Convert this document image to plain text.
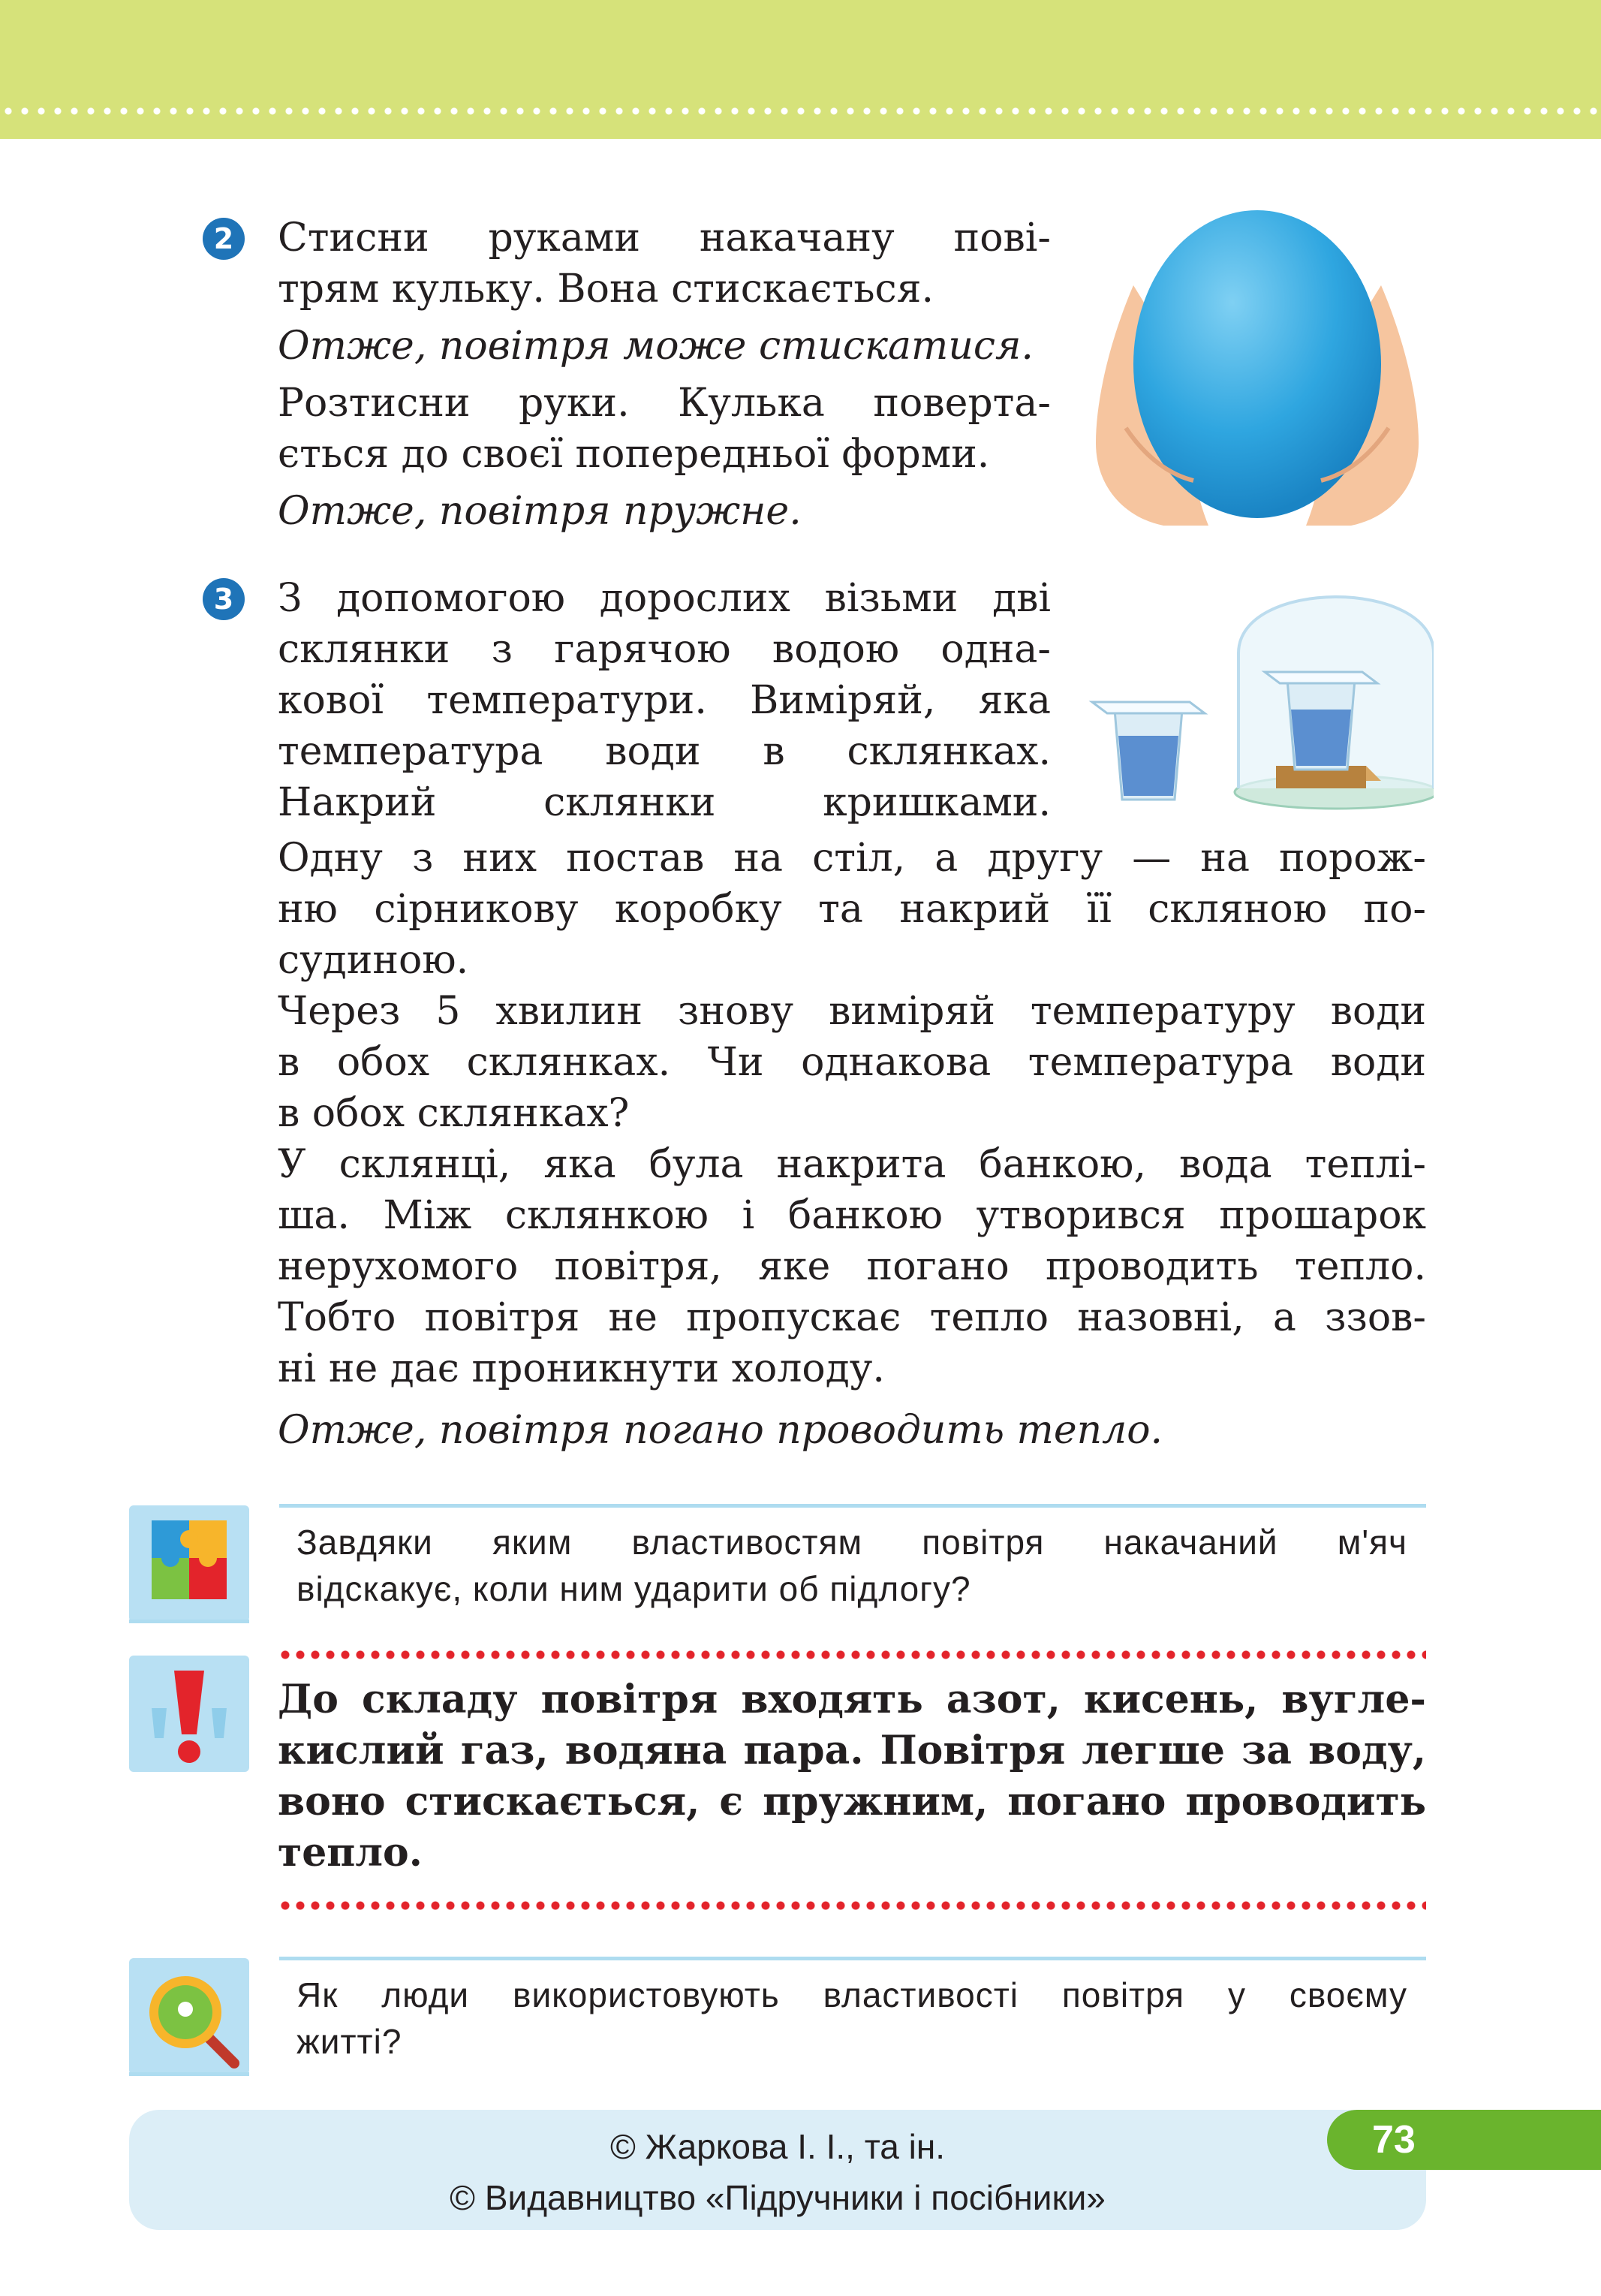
2 Стисни руками накачану пові-

трям кульку. Вона стискається.

Отже, повітря може стискатися.

Розтисни руки. Кулька поверта-

ється до своєї попередньої форми.

Отже, повітря пружне.

3 З допомогою дорослих візьми дві

склянки з гарячою водою однa-

кової температури. Виміряй, яка

температура води в склянках.

Накрий склянки кришками.

Одну з них постав на стіл, а другу — на порож-

ню сірникову коробку та накрий її скляною по-

судиною.

Через 5 хвилин знову виміряй температуру води

в обох склянках. Чи однакова температура води

в обох склянках?

У склянці, яка була накрита банкою, вода теплі-

ша. Між склянкою і банкою утворився прошарок

нерухомого повітря, яке погано проводить тепло.

Тобто повітря не пропускає тепло назовні, а ззов-

ні не дає проникнути холоду.

Отже, повітря погано проводить тепло.

Завдяки яким властивостям повітря накачаний м'яч

відскакує, коли ним ударити об підлогу?

До складу повітря входять азот, кисень, вугле-

кислий газ, водяна пара. Повітря легше за воду,

воно стискається, є пружним, погано проводить

тепло.

Як люди використовують властивості повітря у своєму

житті?

© Жаркова І. І., та ін.
© Видавництво «Підручники і посібники»
73
